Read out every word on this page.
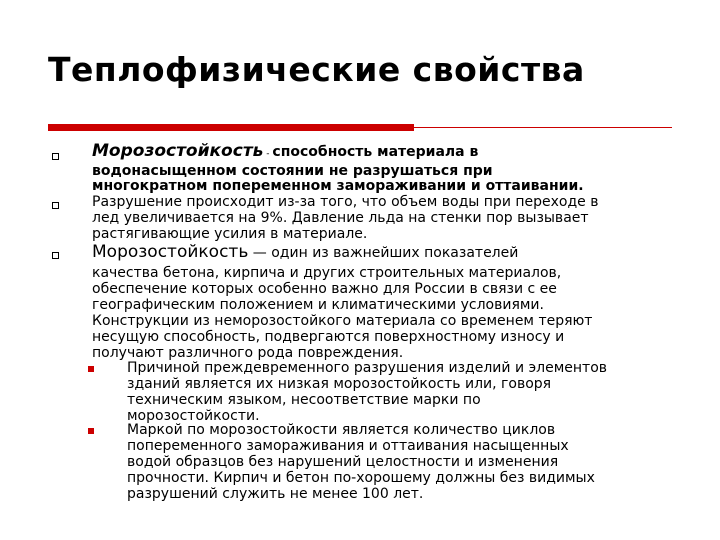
Теплофизические свойства
Морозостойкость - способность материала в
водонасыщенном состоянии не разрушаться при
многократном попеременном замораживании и оттаивании.
Разрушение происходит из-за того, что объем воды при переходе в
лед увеличивается на 9%. Давление льда на стенки пор вызывает
растягивающие усилия в материале.
Морозостойкость — один из важнейших показателей
качества бетона, кирпича и других строительных материалов,
обеспечение которых особенно важно для России в связи с ее
географическим положением и климатическими условиями.
Конструкции из неморозостойкого материала со временем теряют
несущую способность, подвергаются поверхностному износу и
получают различного рода повреждения.
Причиной преждевременного разрушения изделий и элементов
зданий является их низкая морозостойкость или, говоря
техническим языком, несоответствие марки по
морозостойкости.
Маркой по морозостойкости является количество циклов
попеременного замораживания и оттаивания насыщенных
водой образцов без нарушений целостности и изменения
прочности. Кирпич и бетон по-хорошему должны без видимых
разрушений служить не менее 100 лет.
